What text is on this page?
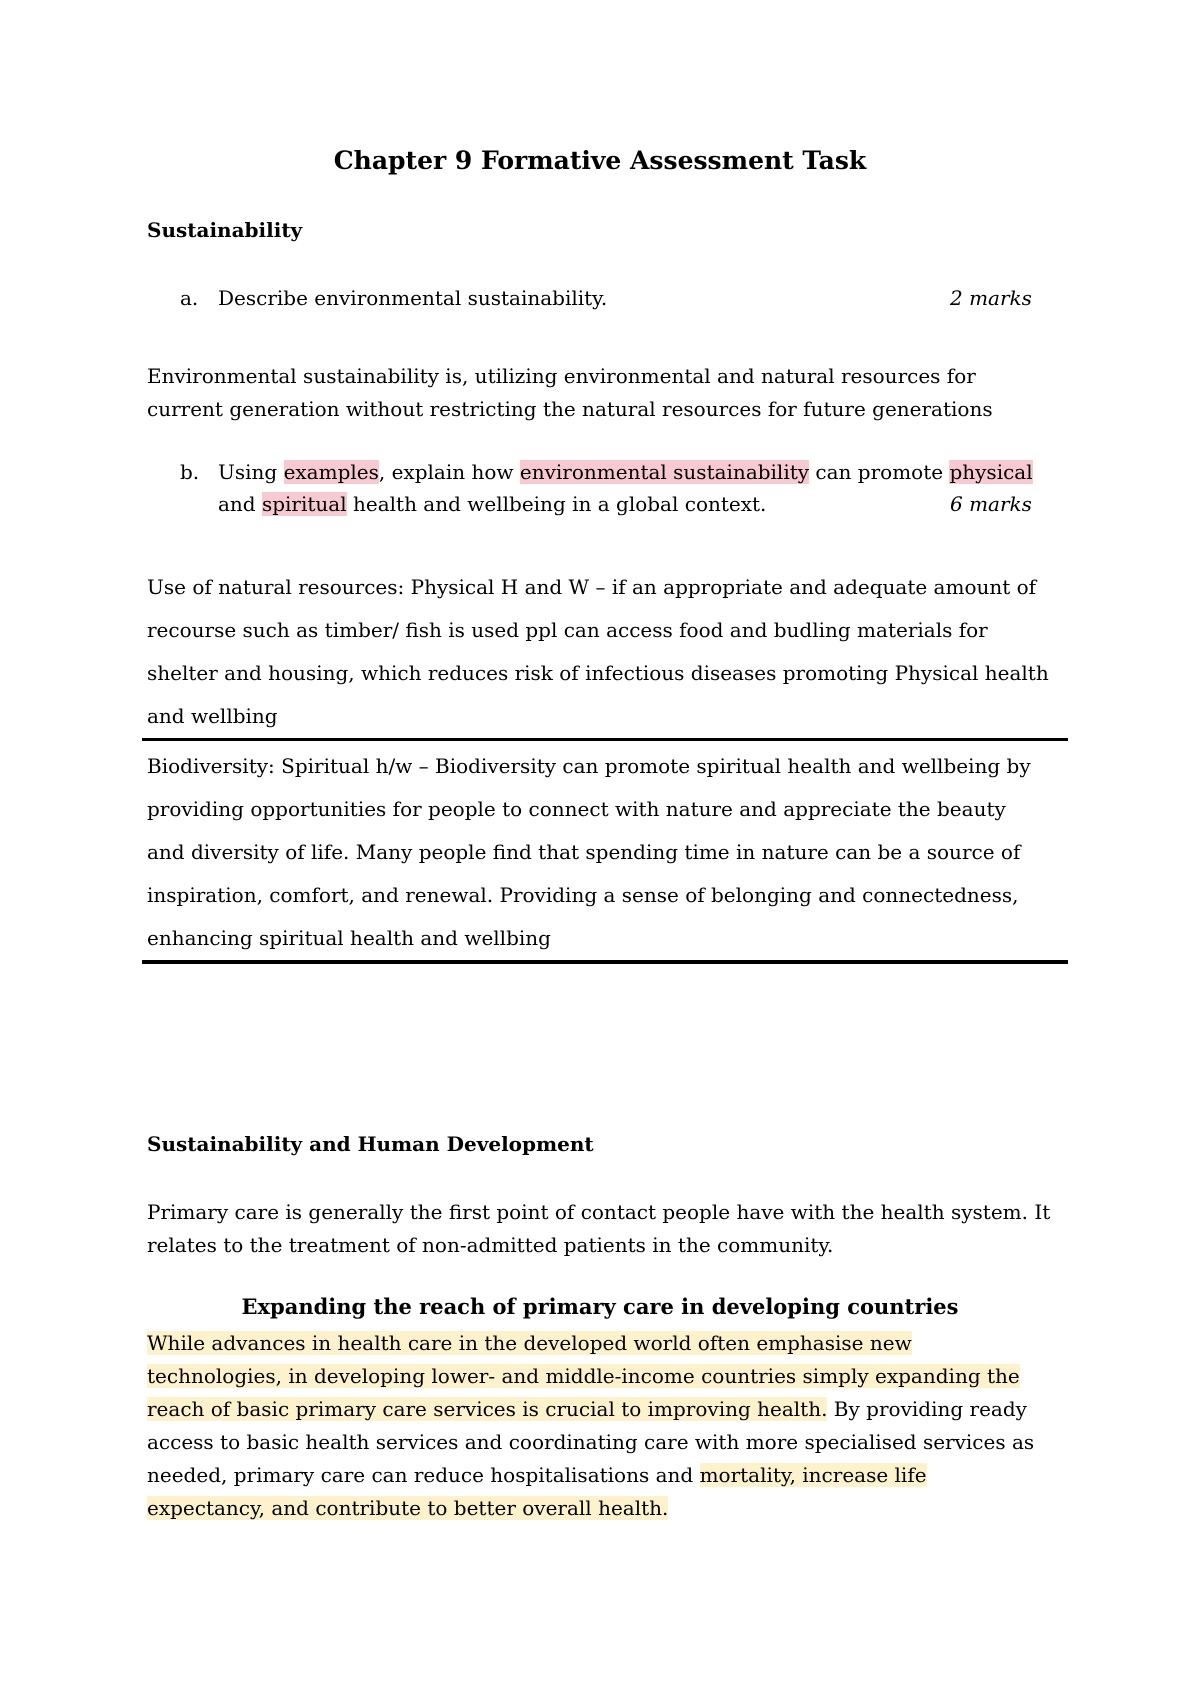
Chapter 9 Formative Assessment Task
Sustainability
a. Describe environmental sustainability.	2 marks
Environmental sustainability is, utilizing environmental and natural resources for
current generation without restricting the natural resources for future generations
b. Using examples, explain how environmental sustainability can promote physical
and spiritual health and wellbeing in a global context.	6 marks
Use of natural resources: Physical H and W – if an appropriate and adequate amount of
recourse such as timber/ fish is used ppl can access food and budling materials for
shelter and housing, which reduces risk of infectious diseases promoting Physical health
and wellbing
Biodiversity: Spiritual h/w – Biodiversity can promote spiritual health and wellbeing by
providing opportunities for people to connect with nature and appreciate the beauty
and diversity of life. Many people find that spending time in nature can be a source of
inspiration, comfort, and renewal. Providing a sense of belonging and connectedness,
enhancing spiritual health and wellbing
Sustainability and Human Development
Primary care is generally the first point of contact people have with the health system. It
relates to the treatment of non-admitted patients in the community.
Expanding the reach of primary care in developing countries
While advances in health care in the developed world often emphasise new
technologies, in developing lower- and middle-income countries simply expanding the
reach of basic primary care services is crucial to improving health. By providing ready
access to basic health services and coordinating care with more specialised services as
needed, primary care can reduce hospitalisations and mortality, increase life
expectancy, and contribute to better overall health.
